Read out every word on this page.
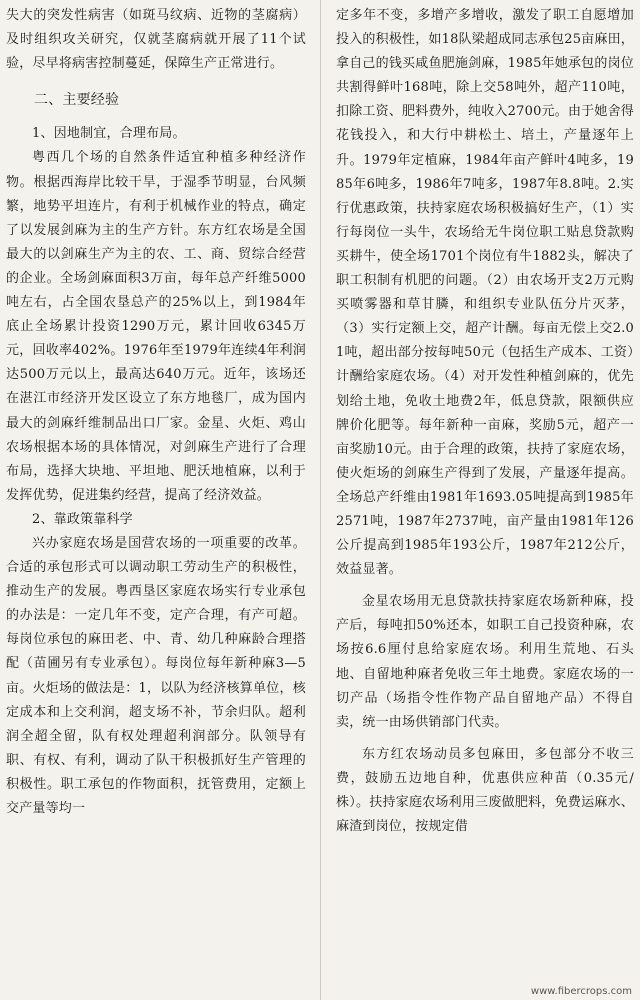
失大的突发性病害（如斑马纹病、近物的茎腐病）及时组织攻关研究，仅就茎腐病就开展了11个试验，尽早将病害控制蔓延，保障生产正常进行。

二、主要经验

1、因地制宜，合理布局。

粤西几个场的自然条件适宜种植多种经济作物。根据西海岸比较干旱，于湿季节明显，台风频繁，地势平坦连片，有利于机械作业的特点，确定了以发展剑麻为主的生产方针。东方红农场是全国最大的以剑麻生产为主的农、工、商、贸综合经营的企业。全场剑麻面积3万亩，每年总产纤维5000吨左右，占全国农垦总产的25%以上，到1984年底止全场累计投资1290万元，累计回收6345万元，回收率402%。1976年至1979年连续4年利润达500万元以上，最高达640万元。近年，该场还在湛江市经济开发区设立了东方地毯厂，成为国内最大的剑麻纤维制品出口厂家。金星、火炬、鸡山农场根据本场的具体情况，对剑麻生产进行了合理布局，选择大块地、平坦地、肥沃地植麻，以利于发挥优势，促进集约经营，提高了经济效益。

2、靠政策靠科学

兴办家庭农场是国营农场的一项重要的改革。合适的承包形式可以调动职工劳动生产的积极性，推动生产的发展。粤西垦区家庭农场实行专业承包的办法是：一定几年不变，定产合理，有产可超。每岗位承包的麻田老、中、青、幼几种麻龄合理搭配（苗圃另有专业承包）。每岗位每年新种麻3—5亩。火炬场的做法是：1，以队为经济核算单位，核定成本和上交利润，超支场不补，节余归队。超利润全超全留，队有权处理超利润部分。队领导有职、有权、有利，调动了队干积极抓好生产管理的积极性。职工承包的作物面积，抚管费用，定额上交产量等均一

定多年不变，多增产多增收，激发了职工自愿增加投入的积极性，如18队梁超成同志承包25亩麻田，拿自己的钱买咸鱼肥施剑麻，1985年她承包的岗位共割得鲜叶168吨，除上交58吨外，超产110吨，扣除工资、肥料费外，纯收入2700元。由于她舍得花钱投入，和大行中耕松土、培土，产量逐年上升。1979年定植麻，1984年亩产鲜叶4吨多，1985年6吨多，1986年7吨多，1987年8.8吨。2.实行优惠政策，扶持家庭农场积极搞好生产，（1）实行每岗位一头牛，农场给无牛岗位职工贴息贷款购买耕牛，使全场1701个岗位有牛1882头，解决了职工积制有机肥的问题。（2）由农场开支2万元购买喷雾器和草甘膦，和组织专业队伍分片灭茅，（3）实行定额上交，超产计酬。每亩无偿上交2.01吨，超出部分按每吨50元（包括生产成本、工资）计酬给家庭农场。（4）对开发性种植剑麻的，优先划给土地，免收土地费2年，低息贷款，限额供应牌价化肥等。每年新种一亩麻，奖励5元，超产一亩奖励10元。由于合理的政策，扶持了家庭农场，使火炬场的剑麻生产得到了发展，产量逐年提高。全场总产纤维由1981年1693.05吨提高到1985年2571吨，1987年2737吨，亩产量由1981年126公斤提高到1985年193公斤，1987年212公斤，效益显著。

金星农场用无息贷款扶持家庭农场新种麻，投产后，每吨扣50%还本，如职工自己投资种麻，农场按6.6厘付息给家庭农场。利用生荒地、石头地、自留地种麻者免收三年土地费。家庭农场的一切产品（场指令性作物产品自留地产品）不得自卖，统一由场供销部门代卖。

东方红农场动员多包麻田，多包部分不收三费，鼓励五边地自种，优惠供应种苗（0.35元/株）。扶持家庭农场利用三废做肥料，免费运麻水、麻渣到岗位，按规定借

www.fibercrops.com
